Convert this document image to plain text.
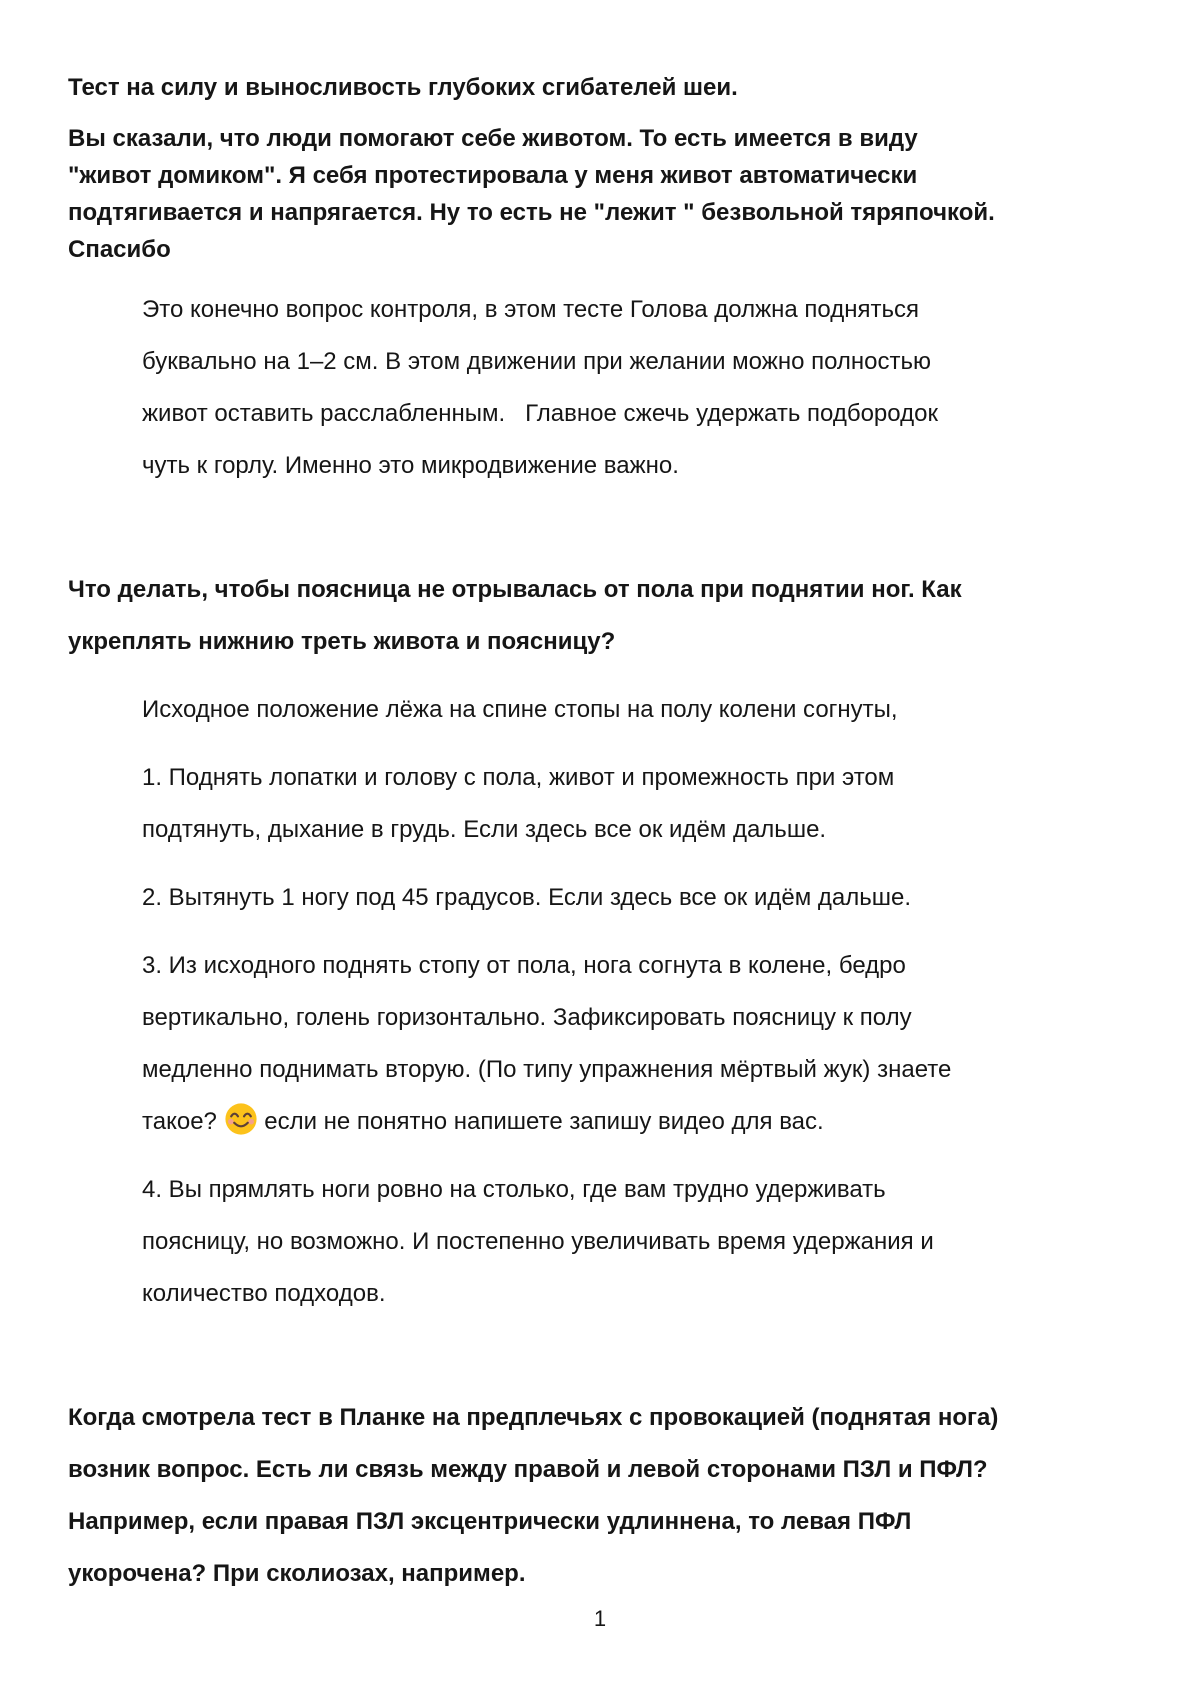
Тест на силу и выносливость глубоких сгибателей шеи.
Вы сказали, что люди помогают себе животом. То есть имеется в виду
"живот домиком". Я себя протестировала у меня живот автоматически
подтягивается и напрягается. Ну то есть не "лежит " безвольной тяряпочкой.
Спасибо
Это конечно вопрос контроля, в этом тесте Голова должна подняться
буквально на 1–2 см. В этом движении при желании можно полностью
живот оставить расслабленным.   Главное сжечь удержать подбородок
чуть к горлу. Именно это микродвижение важно.
Что делать, чтобы поясница не отрывалась от пола при поднятии ног. Как
укреплять нижнию треть живота и поясницу?
Исходное положение лёжа на спине стопы на полу колени согнуты,
1. Поднять лопатки и голову с пола, живот и промежность при этом
подтянуть, дыхание в грудь. Если здесь все ок идём дальше.
2. Вытянуть 1 ногу под 45 градусов. Если здесь все ок идём дальше.
3. Из исходного поднять стопу от пола, нога согнута в колене, бедро
вертикально, голень горизонтально. Зафиксировать поясницу к полу
медленно поднимать вторую. (По типу упражнения мёртвый жук) знаете
такое?
если не понятно напишете запишу видео для вас.
4. Вы прямлять ноги ровно на столько, где вам трудно удерживать
поясницу, но возможно. И постепенно увеличивать время удержания и
количество подходов.
Когда смотрела тест в Планке на предплечьях с провокацией (поднятая нога)
возник вопрос. Есть ли связь между правой и левой сторонами ПЗЛ и ПФЛ?
Например, если правая ПЗЛ эксцентрически удлиннена, то левая ПФЛ
укорочена? При сколиозах, например.
1
